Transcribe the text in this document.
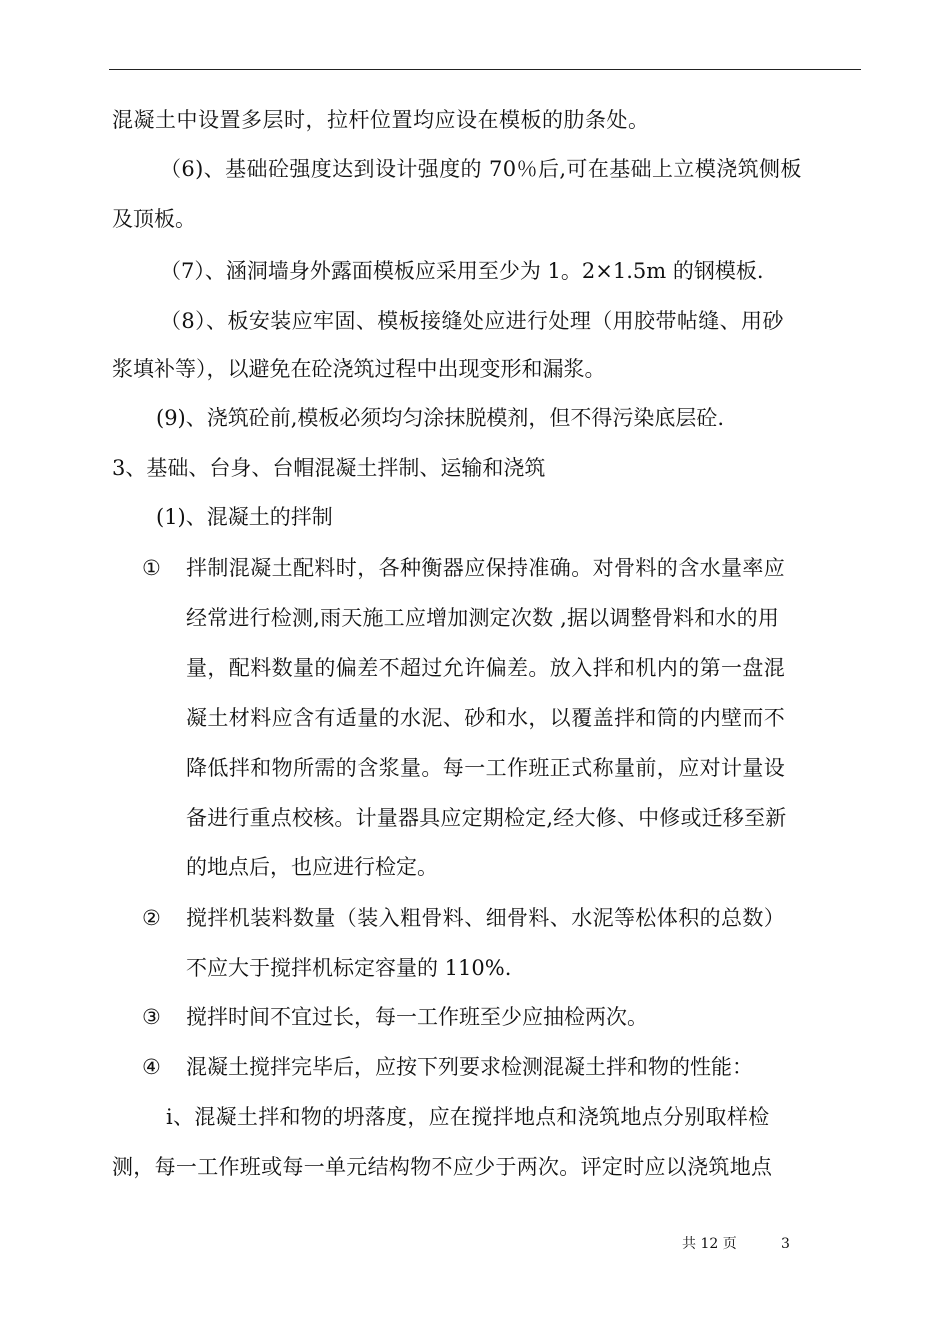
混凝土中设置多层时，拉杆位置均应设在模板的肋条处。
（6)、基础砼强度达到设计强度的 70％后,可在基础上立模浇筑侧板
及顶板。
（7）、涵洞墙身外露面模板应采用至少为 1。2×1.5m 的钢模板.
（8）、板安装应牢固、模板接缝处应进行处理（用胶带帖缝、用砂
浆填补等），以避免在砼浇筑过程中出现变形和漏浆。
(9)、浇筑砼前,模板必须均匀涂抹脱模剂，但不得污染底层砼.
3、基础、台身、台帽混凝土拌制、运输和浇筑
(1)、混凝土的拌制
① 拌制混凝土配料时，各种衡器应保持准确。对骨料的含水量率应
经常进行检测,雨天施工应增加测定次数 ,据以调整骨料和水的用
量，配料数量的偏差不超过允许偏差。放入拌和机内的第一盘混
凝土材料应含有适量的水泥、砂和水，以覆盖拌和筒的内壁而不
降低拌和物所需的含浆量。每一工作班正式称量前，应对计量设
备进行重点校核。计量器具应定期检定,经大修、中修或迁移至新
的地点后，也应进行检定。
② 搅拌机装料数量（装入粗骨料、细骨料、水泥等松体积的总数）
不应大于搅拌机标定容量的 110%.
③ 搅拌时间不宜过长，每一工作班至少应抽检两次。
④ 混凝土搅拌完毕后，应按下列要求检测混凝土拌和物的性能：
ⅰ、混凝土拌和物的坍落度，应在搅拌地点和浇筑地点分别取样检
测，每一工作班或每一单元结构物不应少于两次。评定时应以浇筑地点
共 12 页	3
